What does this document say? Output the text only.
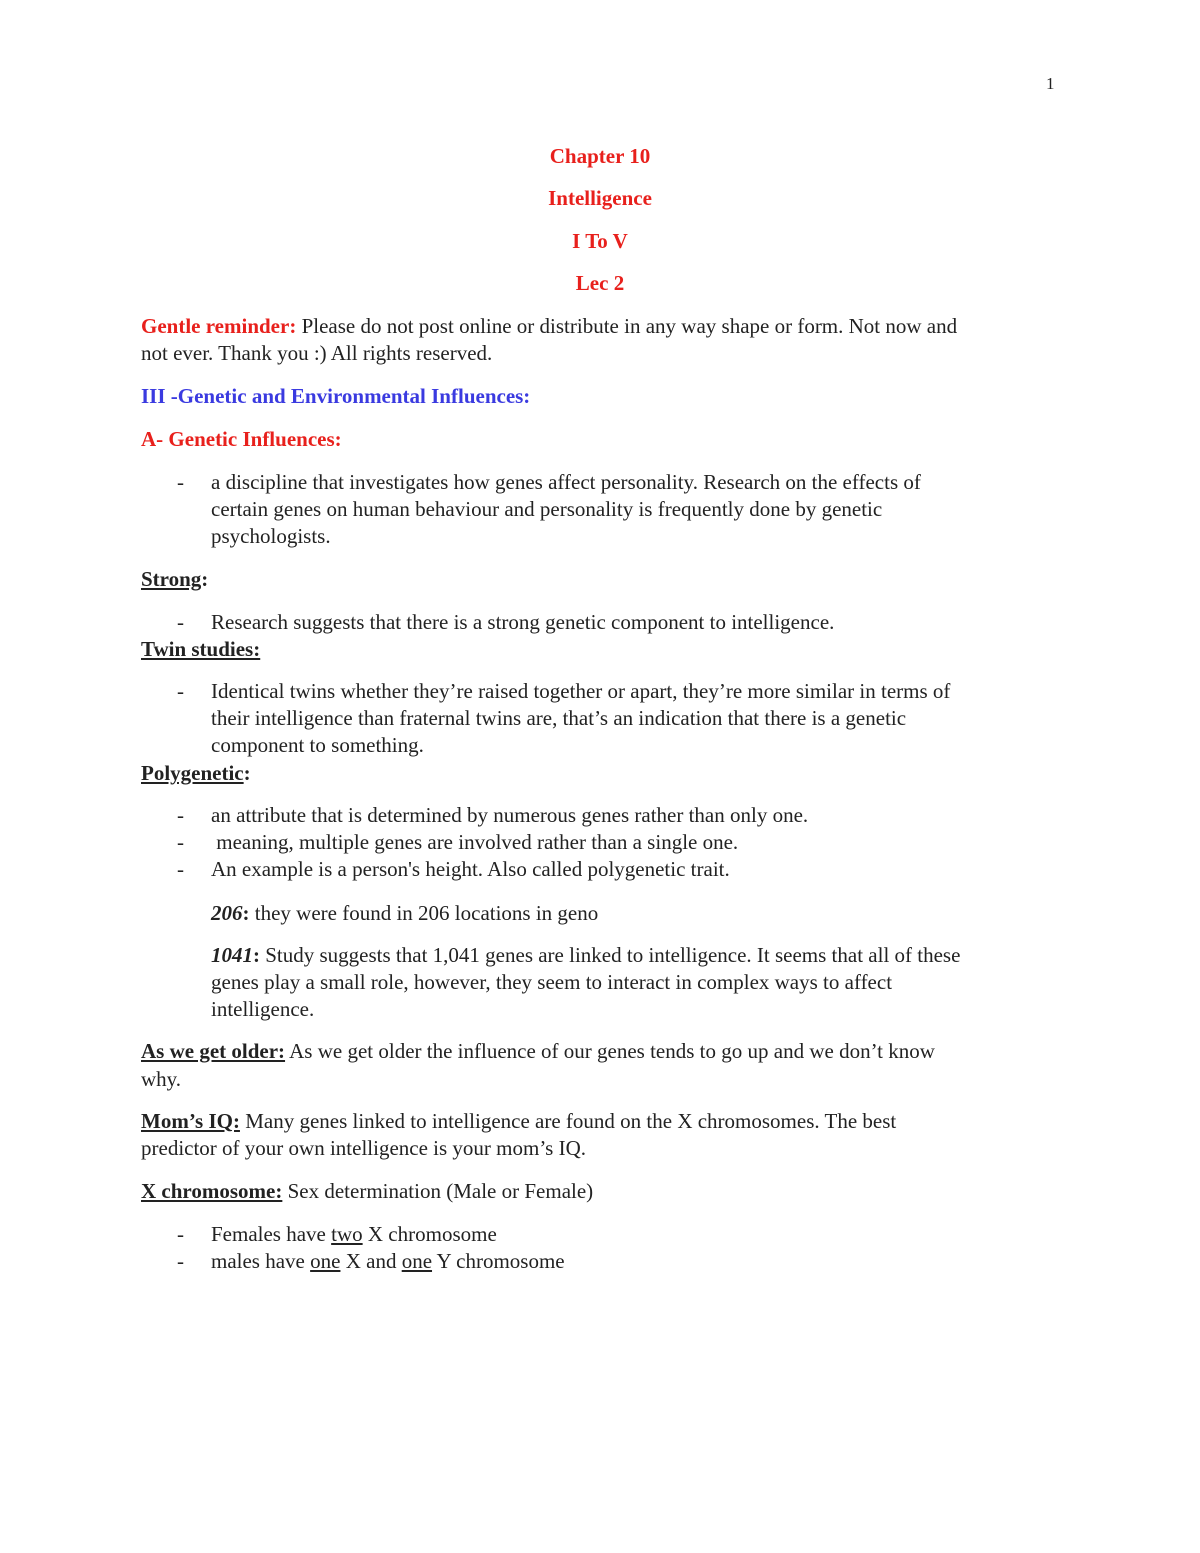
1
Chapter 10
Intelligence
I To V
Lec 2
Gentle reminder: Please do not post online or distribute in any way shape or form. Not now and
not ever. Thank you :) All rights reserved.
III -Genetic and Environmental Influences:
A- Genetic Influences:
- a discipline that investigates how genes affect personality. Research on the effects of
certain genes on human behaviour and personality is frequently done by genetic
psychologists.
Strong:
- Research suggests that there is a strong genetic component to intelligence.
Twin studies:
- Identical twins whether they’re raised together or apart, they’re more similar in terms of
their intelligence than fraternal twins are, that’s an indication that there is a genetic
component to something.
Polygenetic:
- an attribute that is determined by numerous genes rather than only one.
- meaning, multiple genes are involved rather than a single one.
- An example is a person's height. Also called polygenetic trait.
206: they were found in 206 locations in geno
1041: Study suggests that 1,041 genes are linked to intelligence. It seems that all of these
genes play a small role, however, they seem to interact in complex ways to affect
intelligence.
As we get older: As we get older the influence of our genes tends to go up and we don’t know
why.
Mom’s IQ: Many genes linked to intelligence are found on the X chromosomes. The best
predictor of your own intelligence is your mom’s IQ.
X chromosome: Sex determination (Male or Female)
- Females have two X chromosome
- males have one X and one Y chromosome
